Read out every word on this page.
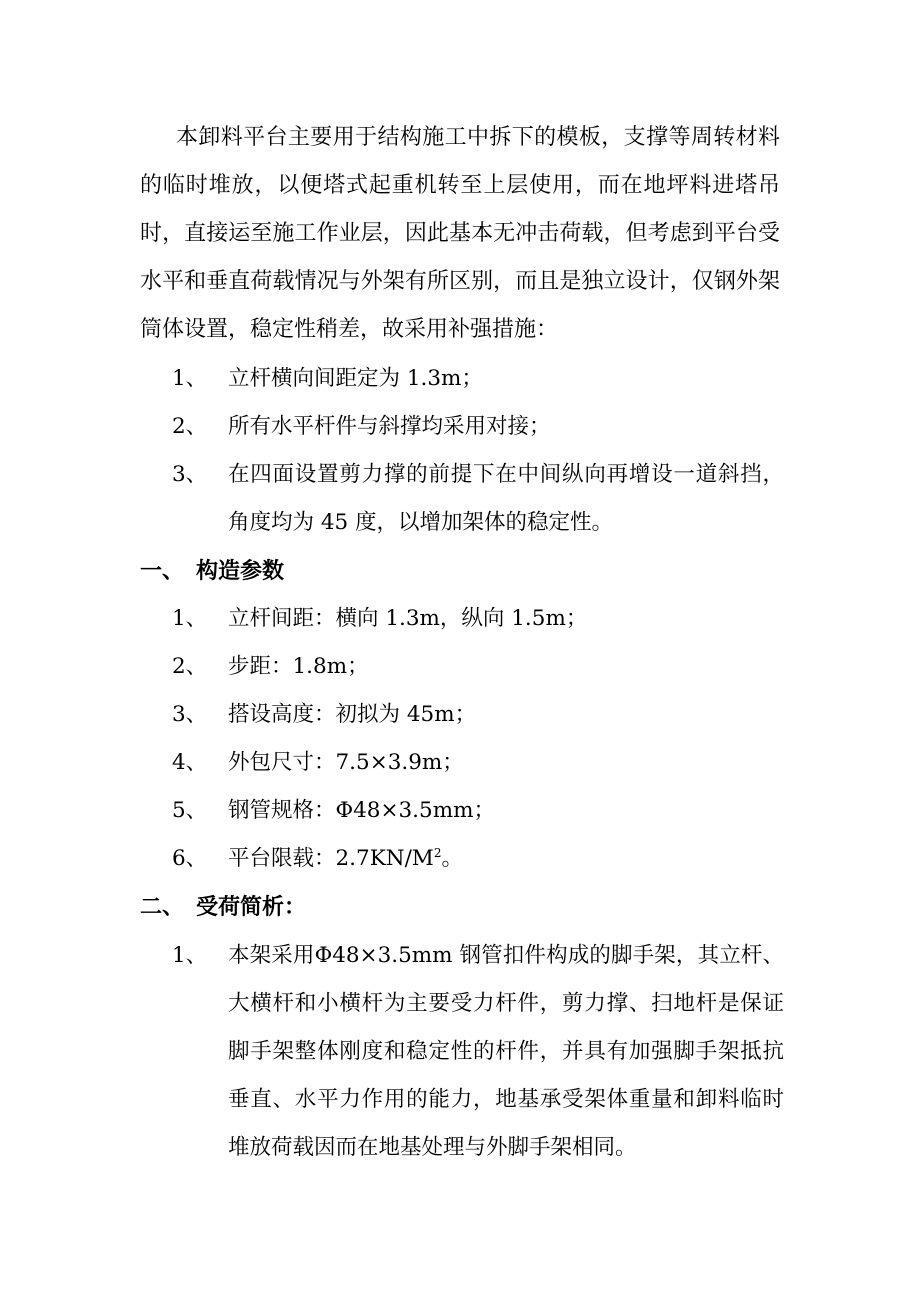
本卸料平台主要用于结构施工中拆下的模板，支撑等周转材料的临时堆放，以便塔式起重机转至上层使用，而在地坪料进塔吊时，直接运至施工作业层，因此基本无冲击荷载，但考虑到平台受水平和垂直荷载情况与外架有所区别，而且是独立设计，仅钢外架筒体设置，稳定性稍差，故采用补强措施：

1、 立杆横向间距定为 1.3m；
2、 所有水平杆件与斜撑均采用对接；
3、 在四面设置剪力撑的前提下在中间纵向再增设一道斜挡，角度均为 45 度，以增加架体的稳定性。
一、 构造参数
1、 立杆间距：横向 1.3m，纵向 1.5m；
2、 步距：1.8m；
3、 搭设高度：初拟为 45m；
4、 外包尺寸：7.5×3.9m；
5、 钢管规格：Φ48×3.5mm；
6、 平台限载：$2.7KN/M^2$。
二、 受荷简析：
1、 本架采用Φ48×3.5mm 钢管扣件构成的脚手架，其立杆、大横杆和小横杆为主要受力杆件，剪力撑、扫地杆是保证脚手架整体刚度和稳定性的杆件，并具有加强脚手架抵抗垂直、水平力作用的能力，地基承受架体重量和卸料临时堆放荷载因而在地基处理与外脚手架相同。
